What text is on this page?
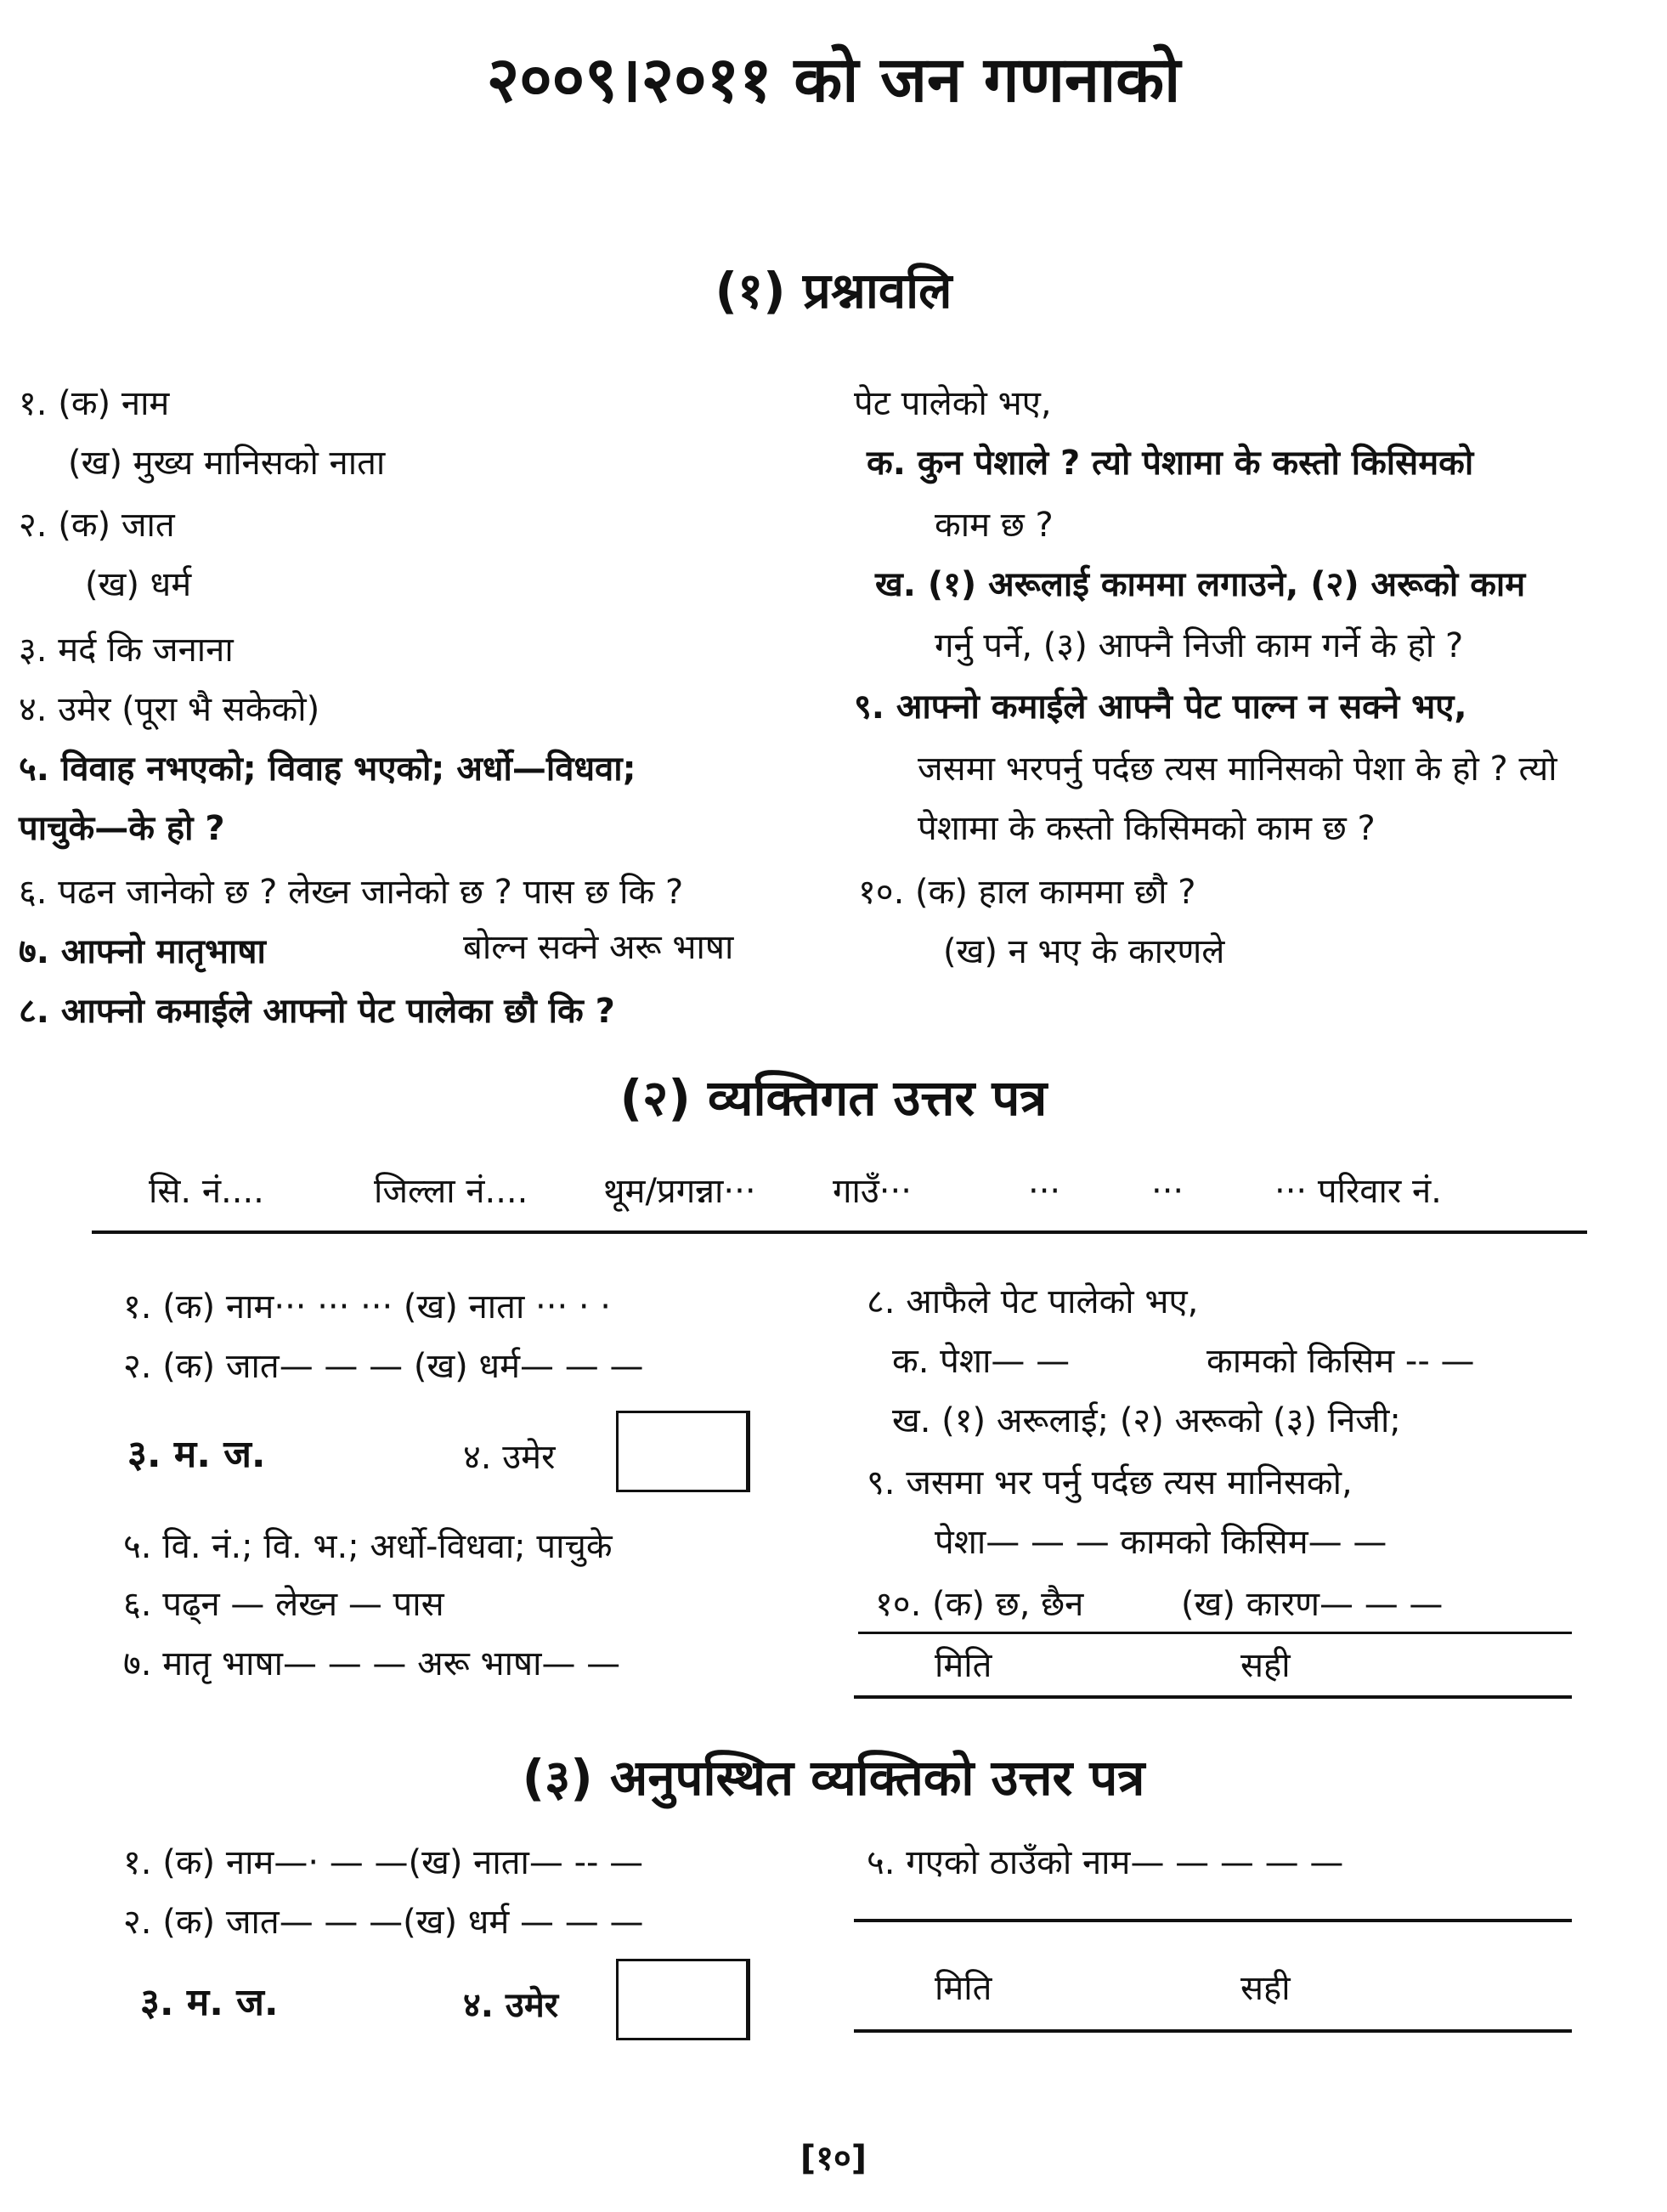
२००९।२०११ को जन गणनाको
(१) प्रश्नावलि
१. (क) नाम
(ख) मुख्य मानिसको नाता
२. (क) जात
(ख) धर्म
३. मर्द कि जनाना
४. उमेर (पूरा भै सकेको)
५. विवाह नभएको; विवाह भएको; अर्धो—विधवा;
पाचुके—के हो ?
६. पढन जानेको छ ? लेख्न जानेको छ ? पास छ कि ?
७. आफ्नो मातृभाषा	बोल्न सक्ने अरू भाषा
८. आफ्नो कमाईले आफ्नो पेट पालेका छौ कि ?
पेट पालेको भए,
क. कुन पेशाले ? त्यो पेशामा के कस्तो किसिमको
काम छ ?
ख. (१) अरूलाई काममा लगाउने, (२) अरूको काम
गर्नु पर्ने, (३) आफ्नै निजी काम गर्ने के हो ?
९. आफ्नो कमाईले आफ्नै पेट पाल्न न सक्ने भए,
जसमा भरपर्नु पर्दछ त्यस मानिसको पेशा के हो ? त्यो
पेशामा के कस्तो किसिमको काम छ ?
१०. (क) हाल काममा छौ ?
(ख) न भए के कारणले
(२) व्यक्तिगत उत्तर पत्र
सि. नं....	जिल्ला नं.... थूम/प्रगन्ना··· गाउँ···	···	···	··· परिवार नं.
१. (क) नाम··· ··· ··· (ख) नाता ··· · ·
२. (क) जात— — — (ख) धर्म— — —
३. म. ज.	४. उमेर
५. वि. नं.; वि. भ.; अर्धो-विधवा; पाचुके
६. पढ्न — लेख्न — पास
७. मातृ भाषा— — — अरू भाषा— —
८. आफैले पेट पालेको भए,
क. पेशा— —	कामको किसिम -- —
ख. (१) अरूलाई; (२) अरूको (३) निजी;
९. जसमा भर पर्नु पर्दछ त्यस मानिसको,
पेशा— — — कामको किसिम— —
१०. (क) छ, छैन	(ख) कारण— — —
मिति	सही
(३) अनुपस्थित व्यक्तिको उत्तर पत्र
१. (क) नाम—· — —(ख) नाता— -- —
२. (क) जात— — —(ख) धर्म — — —
३. म. ज.	४. उमेर
५. गएको ठाउँको नाम— — — — —
मिति	सही
[१०]
